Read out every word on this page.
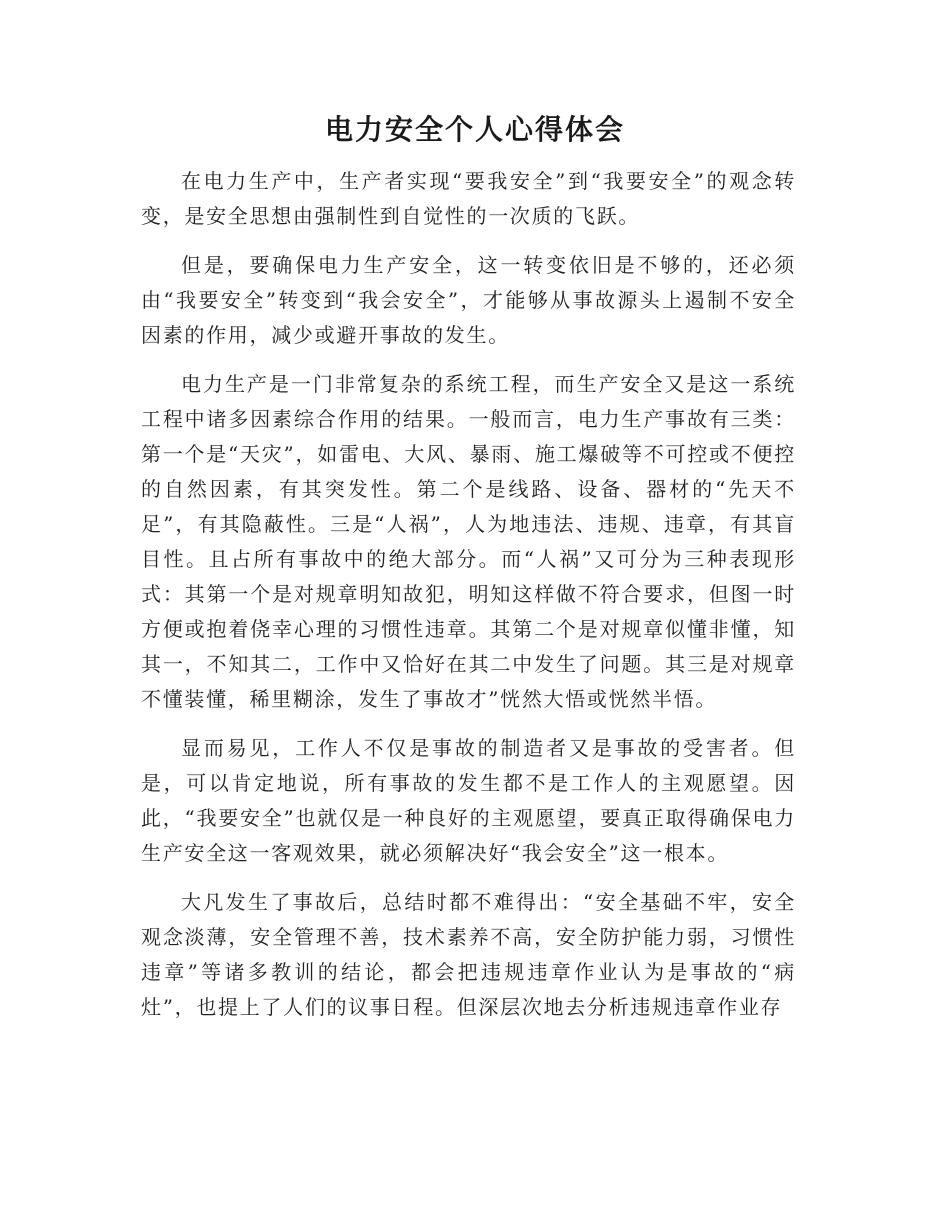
电力安全个人心得体会

在电力生产中，生产者实现“要我安全”到“我要安全”的观念转变，是安全思想由强制性到自觉性的一次质的飞跃。

但是，要确保电力生产安全，这一转变依旧是不够的，还必须由“我要安全”转变到“我会安全”，才能够从事故源头上遏制不安全因素的作用，减少或避开事故的发生。

电力生产是一门非常复杂的系统工程，而生产安全又是这一系统工程中诸多因素综合作用的结果。一般而言，电力生产事故有三类：第一个是“天灾”，如雷电、大风、暴雨、施工爆破等不可控或不便控的自然因素，有其突发性。第二个是线路、设备、器材的“先天不足”，有其隐蔽性。三是“人祸”，人为地违法、违规、违章，有其盲目性。且占所有事故中的绝大部分。而“人祸”又可分为三种表现形式：其第一个是对规章明知故犯，明知这样做不符合要求，但图一时方便或抱着侥幸心理的习惯性违章。其第二个是对规章似懂非懂，知其一，不知其二，工作中又恰好在其二中发生了问题。其三是对规章不懂装懂，稀里糊涂，发生了事故才”恍然大悟或恍然半悟。

显而易见，工作人不仅是事故的制造者又是事故的受害者。但是，可以肯定地说，所有事故的发生都不是工作人的主观愿望。因此，“我要安全”也就仅是一种良好的主观愿望，要真正取得确保电力生产安全这一客观效果，就必须解决好“我会安全”这一根本。

大凡发生了事故后，总结时都不难得出：“安全基础不牢，安全观念淡薄，安全管理不善，技术素养不高，安全防护能力弱，习惯性违章”等诸多教训的结论，都会把违规违章作业认为是事故的“病灶”，也提上了人们的议事日程。但深层次地去分析违规违章作业存
